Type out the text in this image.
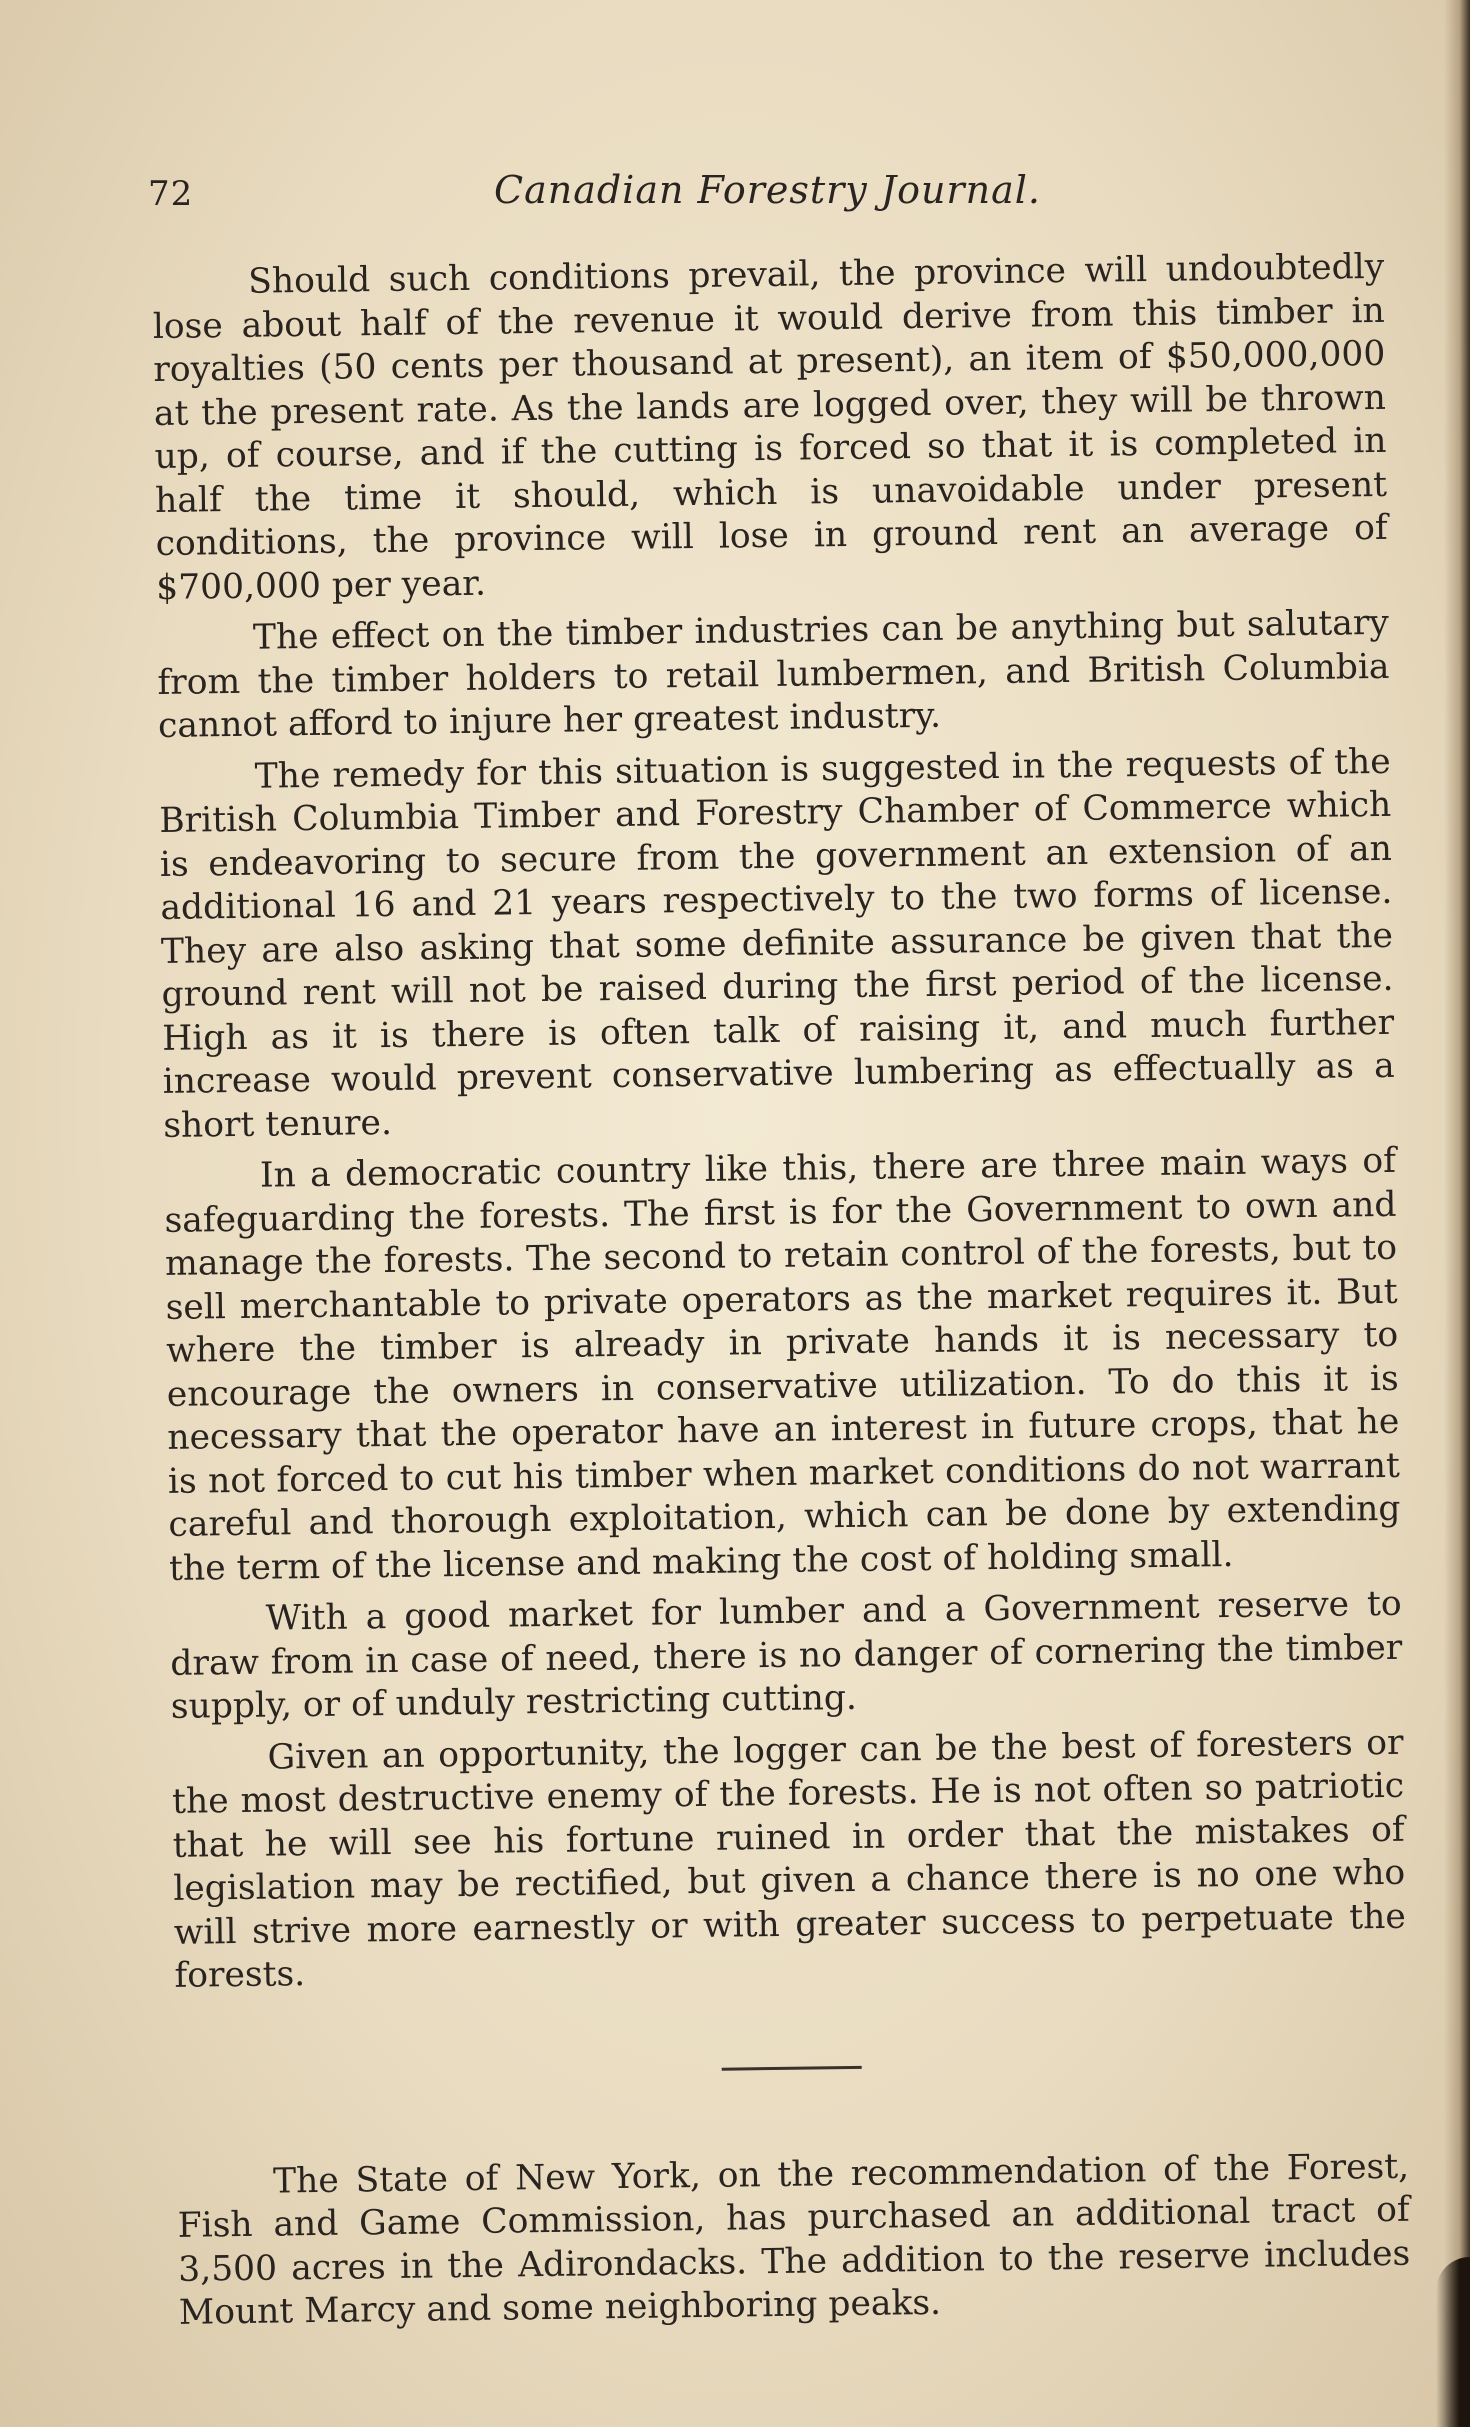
72	Canadian Forestry Journal.

Should such conditions prevail, the province will undoubtedly lose about half of the revenue it would derive from this timber in royalties (50 cents per thousand at present), an item of $50,000,000 at the present rate. As the lands are logged over, they will be thrown up, of course, and if the cutting is forced so that it is completed in half the time it should, which is unavoidable under present conditions, the province will lose in ground rent an average of $700,000 per year.

The effect on the timber industries can be anything but salutary from the timber holders to retail lumbermen, and British Columbia cannot afford to injure her greatest industry.

The remedy for this situation is suggested in the requests of the British Columbia Timber and Forestry Chamber of Commerce which is endeavoring to secure from the government an extension of an additional 16 and 21 years respectively to the two forms of license. They are also asking that some definite assurance be given that the ground rent will not be raised during the first period of the license. High as it is there is often talk of raising it, and much further increase would prevent conservative lumbering as effectually as a short tenure.

In a democratic country like this, there are three main ways of safeguarding the forests. The first is for the Government to own and manage the forests. The second to retain control of the forests, but to sell merchantable to private operators as the market requires it. But where the timber is already in private hands it is necessary to encourage the owners in conservative utilization. To do this it is necessary that the operator have an interest in future crops, that he is not forced to cut his timber when market conditions do not warrant careful and thorough exploitation, which can be done by extending the term of the license and making the cost of holding small.

With a good market for lumber and a Government reserve to draw from in case of need, there is no danger of cornering the timber supply, or of unduly restricting cutting.

Given an opportunity, the logger can be the best of foresters or the most destructive enemy of the forests. He is not often so patriotic that he will see his fortune ruined in order that the mistakes of legislation may be rectified, but given a chance there is no one who will strive more earnestly or with greater success to perpetuate the forests.

The State of New York, on the recommendation of the Forest, Fish and Game Commission, has purchased an additional tract of 3,500 acres in the Adirondacks. The addition to the reserve includes Mount Marcy and some neighboring peaks.
